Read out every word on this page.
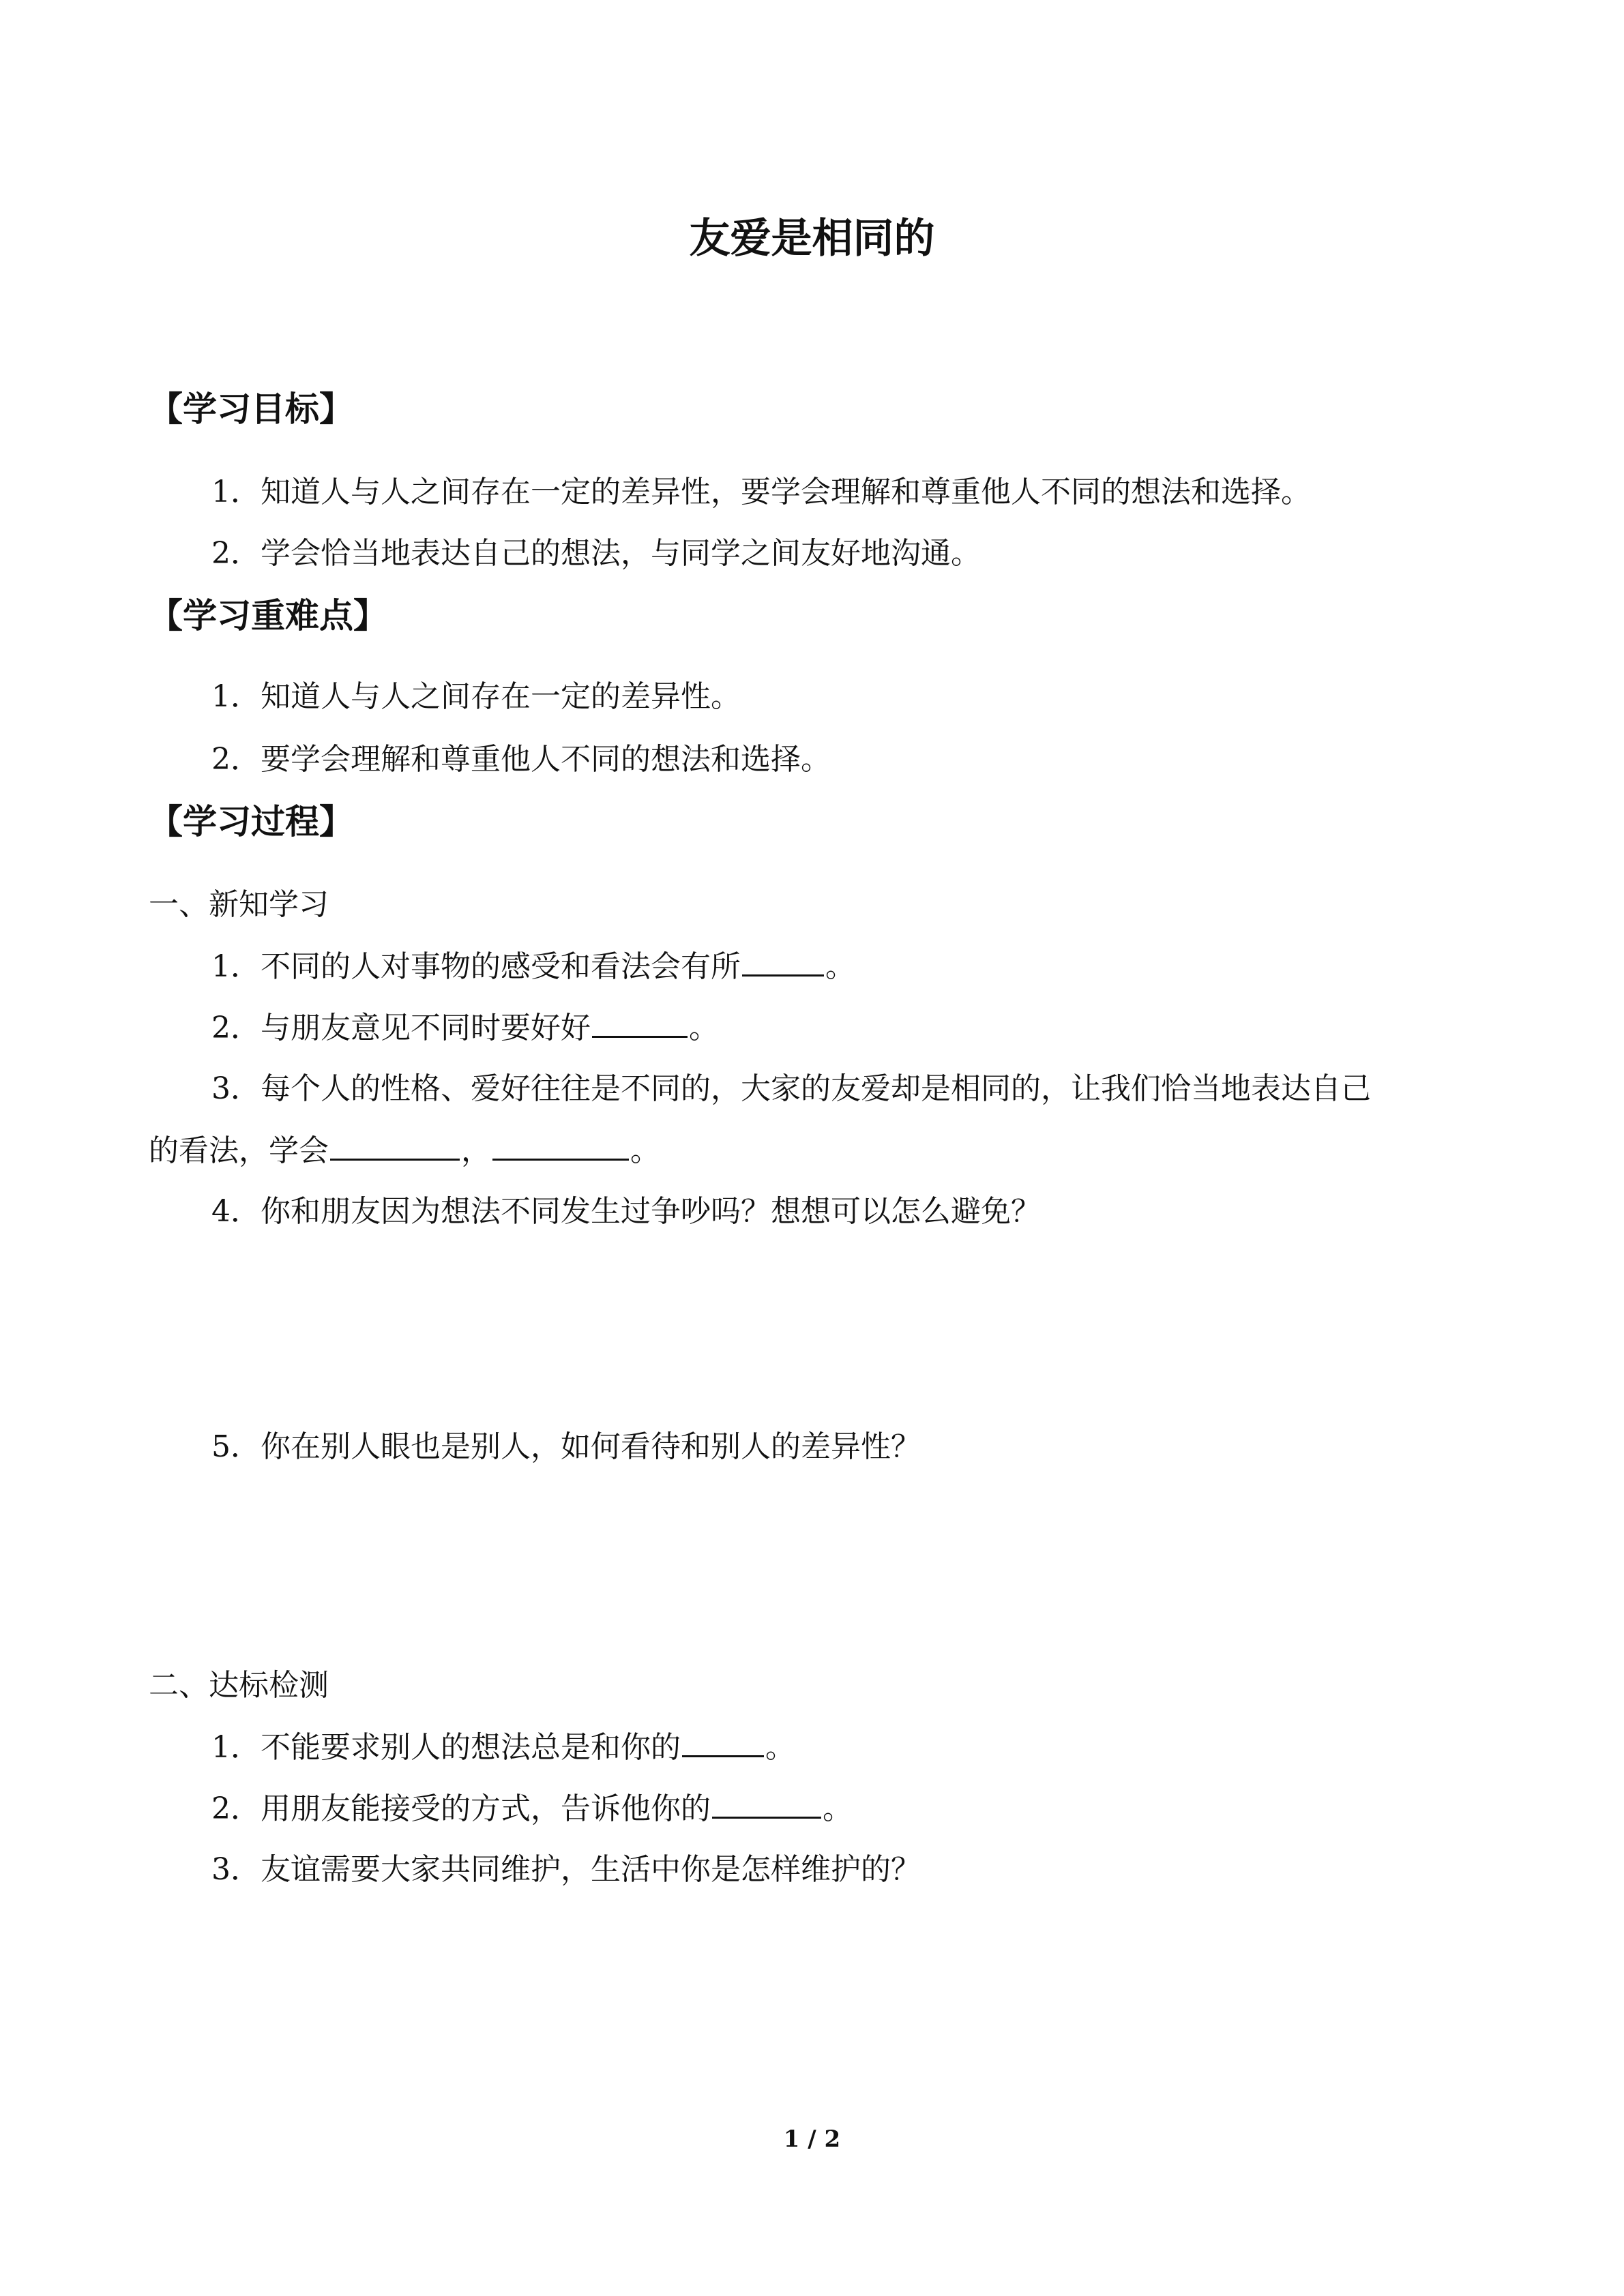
友爱是相同的
【学习目标】
1．知道人与人之间存在一定的差异性，要学会理解和尊重他人不同的想法和选择。
2．学会恰当地表达自己的想法，与同学之间友好地沟通。
【学习重难点】
1．知道人与人之间存在一定的差异性。
2．要学会理解和尊重他人不同的想法和选择。
【学习过程】
一、新知学习
1．不同的人对事物的感受和看法会有所	。
2．与朋友意见不同时要好好	。
3．每个人的性格、爱好往往是不同的，大家的友爱却是相同的，让我们恰当地表达自己
的看法，学会	，	。
4．你和朋友因为想法不同发生过争吵吗？想想可以怎么避免？
5．你在别人眼也是别人，如何看待和别人的差异性？
二、达标检测
1．不能要求别人的想法总是和你的	。
2．用朋友能接受的方式，告诉他你的	。
3．友谊需要大家共同维护，生活中你是怎样维护的？
1 / 2
